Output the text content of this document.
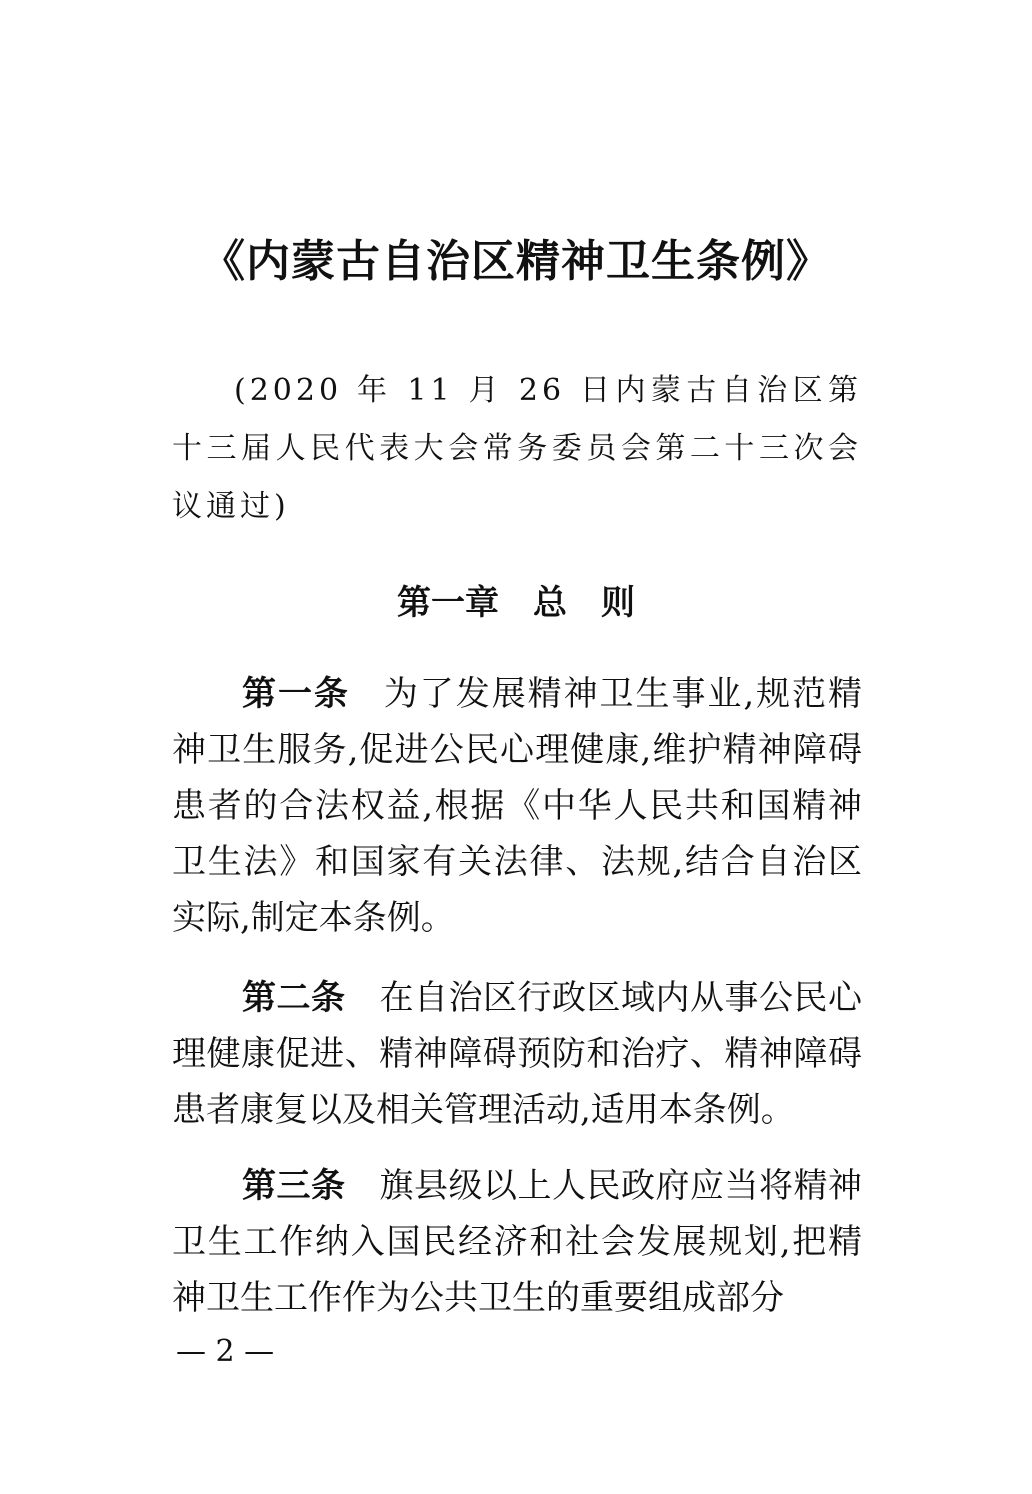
《内蒙古自治区精神卫生条例》

(2020 年 11 月 26 日内蒙古自治区第十三届人民代表大会常务委员会第二十三次会议通过)

第一章　总　则

第一条 为了发展精神卫生事业,规范精神卫生服务,促进公民心理健康,维护精神障碍患者的合法权益,根据《中华人民共和国精神卫生法》和国家有关法律、法规,结合自治区实际,制定本条例。

第二条 在自治区行政区域内从事公民心理健康促进、精神障碍预防和治疗、精神障碍患者康复以及相关管理活动,适用本条例。

第三条 旗县级以上人民政府应当将精神卫生工作纳入国民经济和社会发展规划,把精神卫生工作作为公共卫生的重要组成部分

— 2 —
